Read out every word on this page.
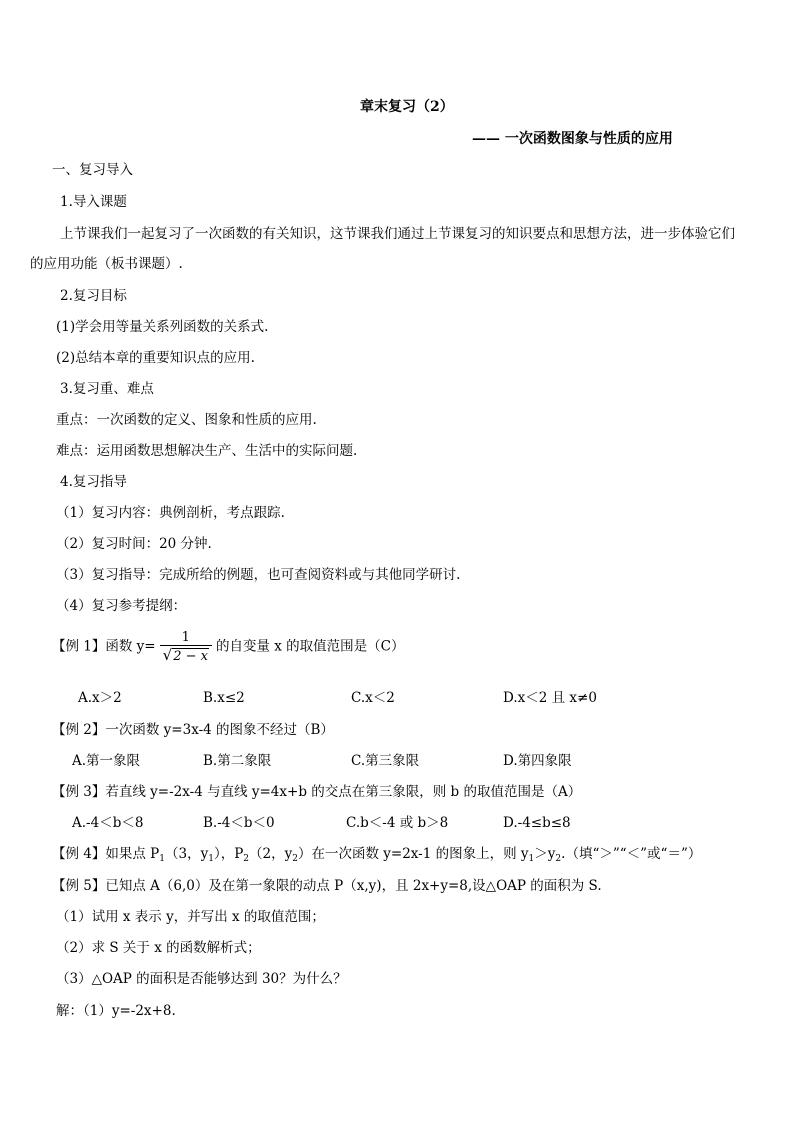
章末复习（2）
—— 一次函数图象与性质的应用
一、复习导入
1.导入课题
上节课我们一起复习了一次函数的有关知识，这节课我们通过上节课复习的知识要点和思想方法，进一步体验它们
的应用功能（板书课题）.
2.复习目标
(1)学会用等量关系列函数的关系式.
(2)总结本章的重要知识点的应用.
3.复习重、难点
重点：一次函数的定义、图象和性质的应用.
难点：运用函数思想解决生产、生活中的实际问题.
4.复习指导
（1）复习内容：典例剖析，考点跟踪.
（2）复习时间：20 分钟.
（3）复习指导：完成所给的例题，也可查阅资料或与其他同学研讨.
（4）复习参考提纲：
【例 1】函数 $y= \frac{1}{√2 - x}$ 的自变量 x 的取值范围是（C）
A.x＞2	B.x≤2	C.x＜2	D.x＜2 且 x≠0
【例 2】一次函数 y=3x-4 的图象不经过（B）
A.第一象限	B.第二象限	C.第三象限	D.第四象限
【例 3】若直线 y=-2x-4 与直线 y=4x+b 的交点在第三象限，则 b 的取值范围是（A）
A.-4＜b＜8	B.-4＜b＜0	C.b＜-4 或 b＞8	D.-4≤b≤8
【例 4】如果点 $P_1(3$，$y_1$），$P_2(2$，$y_2$）在一次函数 y=2x-1 的图象上，则 $y_1>y_2$.（填“＞”“＜”或“＝”）
【例 5】已知点 A（6,0）及在第一象限的动点 P（x,y)，且 2x+y=8,设△OAP 的面积为 S.
（1）试用 x 表示 y，并写出 x 的取值范围；
（2）求 S 关于 x 的函数解析式；
（3）△OAP 的面积是否能够达到 30？为什么？
解：（1）y=-2x+8.
